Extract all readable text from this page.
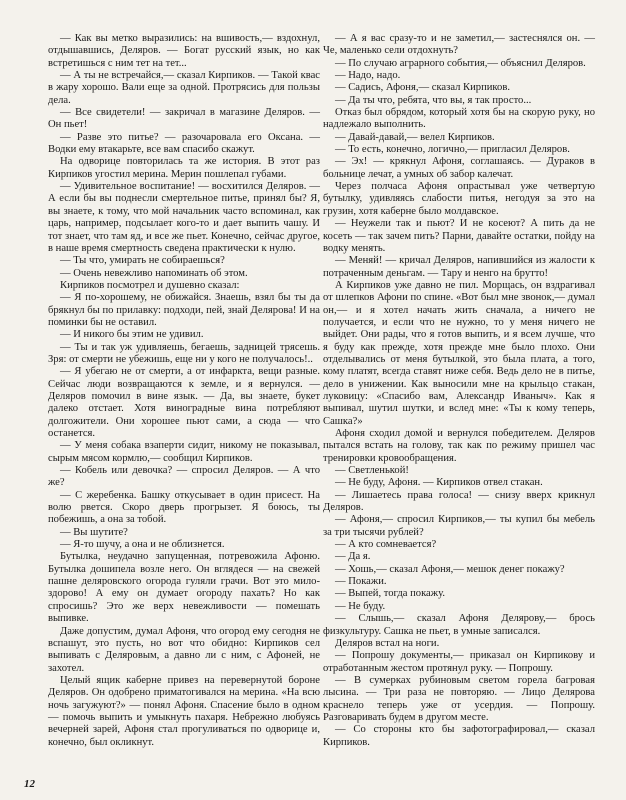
— Как вы метко выразились: на вшивость,— вздохнул, отдышавшись, Деляров. — Богат русский язык, но как встретишься с ним тет на тет...

— А ты не встречайся,— сказал Кирпиков. — Такой квас в жару хорошо. Вали еще за одной. Протрясись для пользы дела.

— Все свидетели! — закричал в магазине Деляров. — Он пьет!

— Разве это питье? — разочаровала его Оксана. — Водки ему втакарьте, все вам спасибо скажут.

На одворице повторилась та же история. В этот раз Кирпиков угостил мерина. Мерин пошлепал губами.

— Удивительное воспитание! — восхитился Деляров. — А если бы вы поднесли смертельное питье, принял бы? Я, вы знаете, к тому, что мой начальник часто вспоминал, как царь, например, подсылает кого-то и дает выпить чашу. И тот знает, что там яд, и все же пьет. Конечно, сейчас другое, в наше время смертность сведена практически к нулю.

— Ты что, умирать не собираешься?

— Очень невежливо напоминать об этом.

Кирпиков посмотрел и душевно сказал:

— Я по-хорошему, не обижайся. Знаешь, взял бы ты да брякнул бы по прилавку: подходи, пей, знай Делярова! И на поминки бы не оставил.

— И никого бы этим не удивил.

— Ты и так уж удивляешь, бегаешь, задницей трясешь. Зря: от смерти не убежишь, еще ни у кого не получалось!..

— Я убегаю не от смерти, а от инфаркта, вещи разные. Сейчас люди возвращаются к земле, и я вернулся. — Деляров помочил в вине язык. — Да, вы знаете, букет далеко отстает. Хотя виноградные вина потребляют долгожители. Они хорошее пьют сами, а сюда — что останется.

— У меня собака взаперти сидит, никому не показывал, сырым мясом кормлю,— сообщил Кирпиков.

— Кобель или девочка? — спросил Деляров. — А что же?

— С жеребенка. Башку откусывает в один присест. На волю рвется. Скоро дверь прогрызет. Я боюсь, ты побежишь, а она за тобой.

— Вы шутите?

— Я-то шучу, а она и не облизнется.

Бутылка, неудачно запущенная, потревожила Афоню. Бутылка дошипела возле него. Он вглядеся — на свежей пашне деляровского огорода гуляли грачи. Вот это мило-здорово! А ему он думает огороду пахать? Но как спросишь? Это же верх невежливости — помешать выпивке.

Даже допустим, думал Афоня, что огород ему сегодня не вспашут, это пусть, но вот что обидно: Кирпиков сел выпивать с Деляровым, а давно ли с ним, с Афоней, не захотел.

Целый ящик каберне привез на перевернутой бороне Деляров. Он одобрено приматогивался на мерина. «На всю ночь загужуют?» — понял Афоня. Спасение было в одном — помочь выпить и умыкнуть пахаря. Небрежно любуясь вечерней зарей, Афоня стал прогуливаться по одворице и, конечно, был окликнут.

— А я вас сразу-то и не заметил,— застеснялся он. — Че, маленько сели отдохнуть?

— По случаю аграрного события,— объяснил Деляров.

— Надо, надо.

— Садись, Афоня,— сказал Кирпиков.

— Да ты что, ребята, что вы, я так просто...

Отказ был обрядом, который хотя бы на скорую руку, но надлежало выполнить.

— Давай-давай,— велел Кирпиков.

— То есть, конечно, логично,— пригласил Деляров.

— Эх! — крякнул Афоня, соглашаясь. — Дураков в больнице лечат, а умных об забор калечат.

Через полчаса Афоня опрастывал уже четвертую бутылку, удивляясь слабости питья, негодуя за это на грузин, хотя каберне было молдавское.

— Неужели так и пьют? И не косеют? А пить да не косеть — так зачем пить? Парни, давайте остатки, пойду на водку менять.

— Меняй! — кричал Деляров, напившийся из жалости к потраченным деньгам. — Тару и ненго на брутто!

А Кирпиков уже давно не пил. Морщась, он вздрагивал от шлепков Афони по спине. «Вот был мне звонок,— думал он,— и я хотел начать жить сначала, а ничего не получается, и если что не нужно, то у меня ничего не выйдет. Они рады, что я готов выпить, и я всем лучше, что я буду как прежде, хотя прежде мне было плохо. Они отделывались от меня бутылкой, это была плата, а того, кому платят, всегда ставят ниже себя. Ведь дело не в питье, дело в унижении. Как выносили мне на крыльцо стакан, луковицу: «Спасибо вам, Александр Иваныч». Как я выпивал, шутил шутки, и вслед мне: «Ты к кому теперь, Сашка?»

Афоня сходил домой и вернулся победителем. Деляров пытался встать на голову, так как по режиму пришел час тренировки кровообращения.

— Светленькой!

— Не буду, Афоня. — Кирпиков отвел стакан.

— Лишаетесь права голоса! — снизу вверх крикнул Деляров.

— Афоня,— спросил Кирпиков,— ты купил бы мебель за три тысячи рублей?

— А кто сомневается?

— Да я.

— Хошь,— сказал Афоня,— мешок денег покажу?

— Покажи.

— Выпей, тогда покажу.

— Не буду.

— Слышь,— сказал Афоня Делярову,— брось физкультуру. Сашка не пьет, в умные записался.

Деляров встал на ноги.

— Попрошу документы,— приказал он Кирпикову и отработанным жестом протянул руку. — Попрошу.

— В сумерках рубиновым светом горела багровая лысина. — Три раза не повторяю. — Лицо Делярова краснело теперь уже от усердия. — Попрошу. Разговаривать будем в другом месте.

— Со стороны кто бы зафотографировал,— сказал Кирпиков.

12
